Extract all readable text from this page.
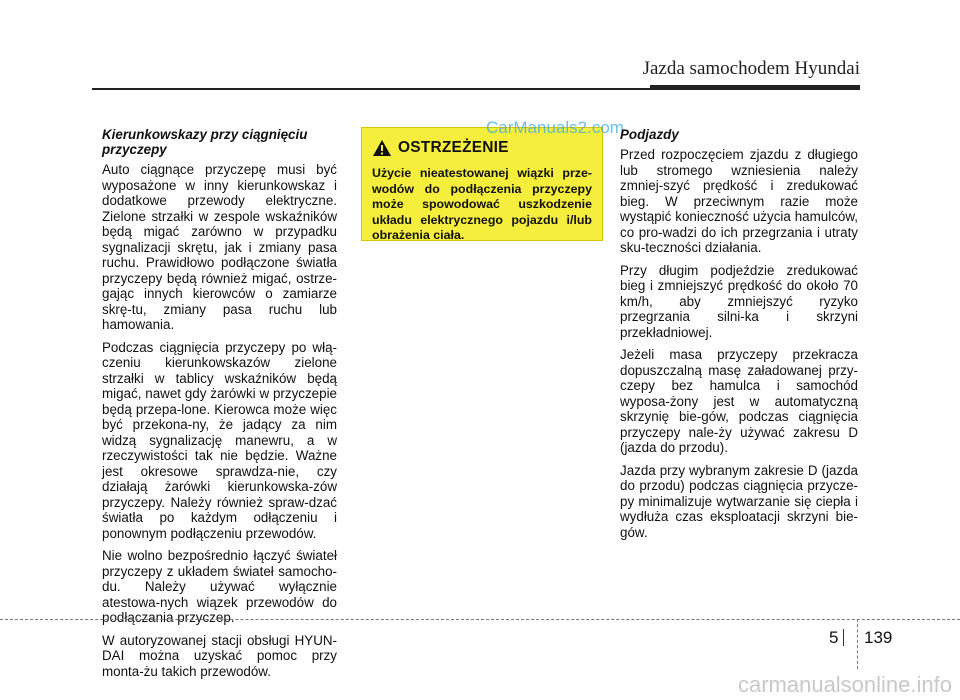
Jazda samochodem Hyundai
Kierunkowskazy przy ciągnięciu
przyczepy

Auto ciągnące przyczepę musi być wyposażone w inny kierunkowskaz i dodatkowe przewody elektryczne. Zielone strzałki w zespole wskaźników będą migać zarówno w przypadku sygnalizacji skrętu, jak i zmiany pasa ruchu. Prawidłowo podłączone światła przyczepy będą również migać, ostrze-gając innych kierowców o zamiarze skrę-tu, zmiany pasa ruchu lub hamowania.

Podczas ciągnięcia przyczepy po włą-czeniu kierunkowskazów zielone strzałki w tablicy wskaźników będą migać, nawet gdy żarówki w przyczepie będą przepa-lone. Kierowca może więc być przekona-ny, że jadący za nim widzą sygnalizację manewru, a w rzeczywistości tak nie będzie. Ważne jest okresowe sprawdza-nie, czy działają żarówki kierunkowska-zów przyczepy. Należy również spraw-dzać światła po każdym odłączeniu i ponownym podłączeniu przewodów.

Nie wolno bezpośrednio łączyć świateł przyczepy z układem świateł samocho-du. Należy używać wyłącznie atestowa-nych wiązek przewodów do podłączania przyczep.

W autoryzowanej stacji obsługi HYUN-DAI można uzyskać pomoc przy monta-żu takich przewodów.

OSTRZEŻENIE
Użycie nieatestowanej wiązki prze-wodów do podłączenia przyczepy może spowodować uszkodzenie układu elektrycznego pojazdu i/lub obrażenia ciała.
CarManuals2.com
Podjazdy

Przed rozpoczęciem zjazdu z długiego lub stromego wzniesienia należy zmniej-szyć prędkość i zredukować bieg. W przeciwnym razie może wystąpić konieczność użycia hamulców, co pro-wadzi do ich przegrzania i utraty sku-teczności działania.

Przy długim podjeździe zredukować bieg i zmniejszyć prędkość do około 70 km/h, aby zmniejszyć ryzyko przegrzania silni-ka i skrzyni przekładniowej.

Jeżeli masa przyczepy przekracza dopuszczalną masę załadowanej przy-czepy bez hamulca i samochód wyposa-żony jest w automatyczną skrzynię bie-gów, podczas ciągnięcia przyczepy nale-ży używać zakresu D (jazda do przodu).

Jazda przy wybranym zakresie D (jazda do przodu) podczas ciągnięcia przycze-py minimalizuje wytwarzanie się ciepła i wydłuża czas eksploatacji skrzyni bie-gów.

5 139
carmanualsonline.info
